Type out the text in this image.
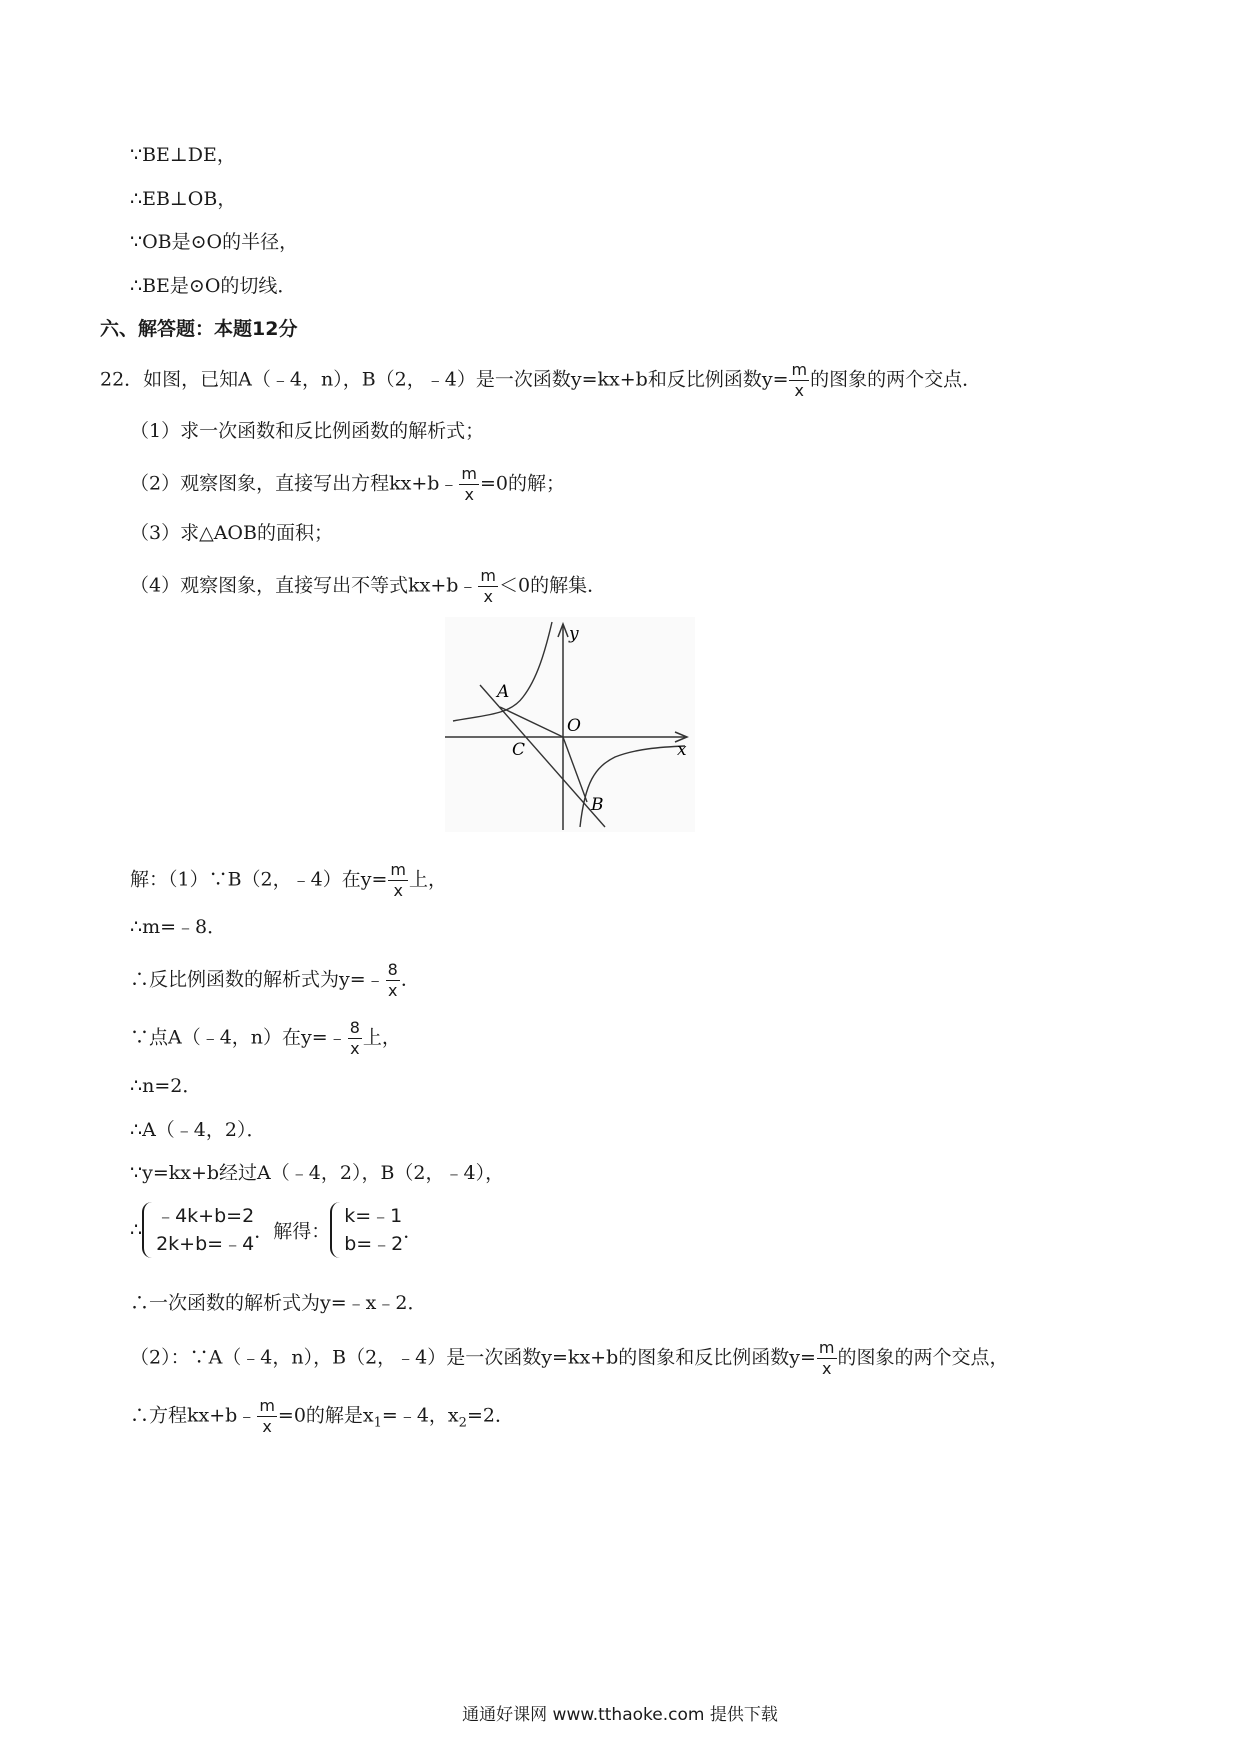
∵BE⊥DE，
∴EB⊥OB，
∵OB是⊙O的半径，
∴BE是⊙O的切线．
六、解答题：本题12分
22．如图，已知A（﹣4，n），B（2，﹣4）是一次函数y=kx+b和反比例函数$y= \frac{m}{x}$ 的图象的两个交点．
（1）求一次函数和反比例函数的解析式；
（2）观察图象，直接写出方程kx+b﹣ $\frac{m}{x} =0$的解；
（3）求△AOB的面积；
（4）观察图象，直接写出不等式kx+b﹣ $\frac{m}{x} <0$的解集．
y
x
A
O
C
B
解：（1）∵B（2，﹣4）在$y= \frac{m}{x}$ 上，
∴m=﹣8．
∴反比例函数的解析式为y=﹣ $\frac{8}{x}$ ．
∵点A（﹣4，n）在y=﹣ $\frac{8}{x}$ 上，
∴n=2．
∴A（﹣4，2）．
∵y=kx+b经过A（﹣4，2），B（2，﹣4），
∴
﹣4k+b=2
2k+b=﹣4
．解得：
k=﹣1
b=﹣2
．
∴一次函数的解析式为y=﹣x﹣2．
（2）：∵A（﹣4，n），B（2，﹣4）是一次函数y=kx+b的图象和反比例函数$y= \frac{m}{x}$ 的图象的两个交点，
∴方程kx+b﹣ $\frac{m}{x} =0$的解是$x_1=﹣4$，$x_2=2$．
通通好课网 www.tthaoke.com 提供下载
